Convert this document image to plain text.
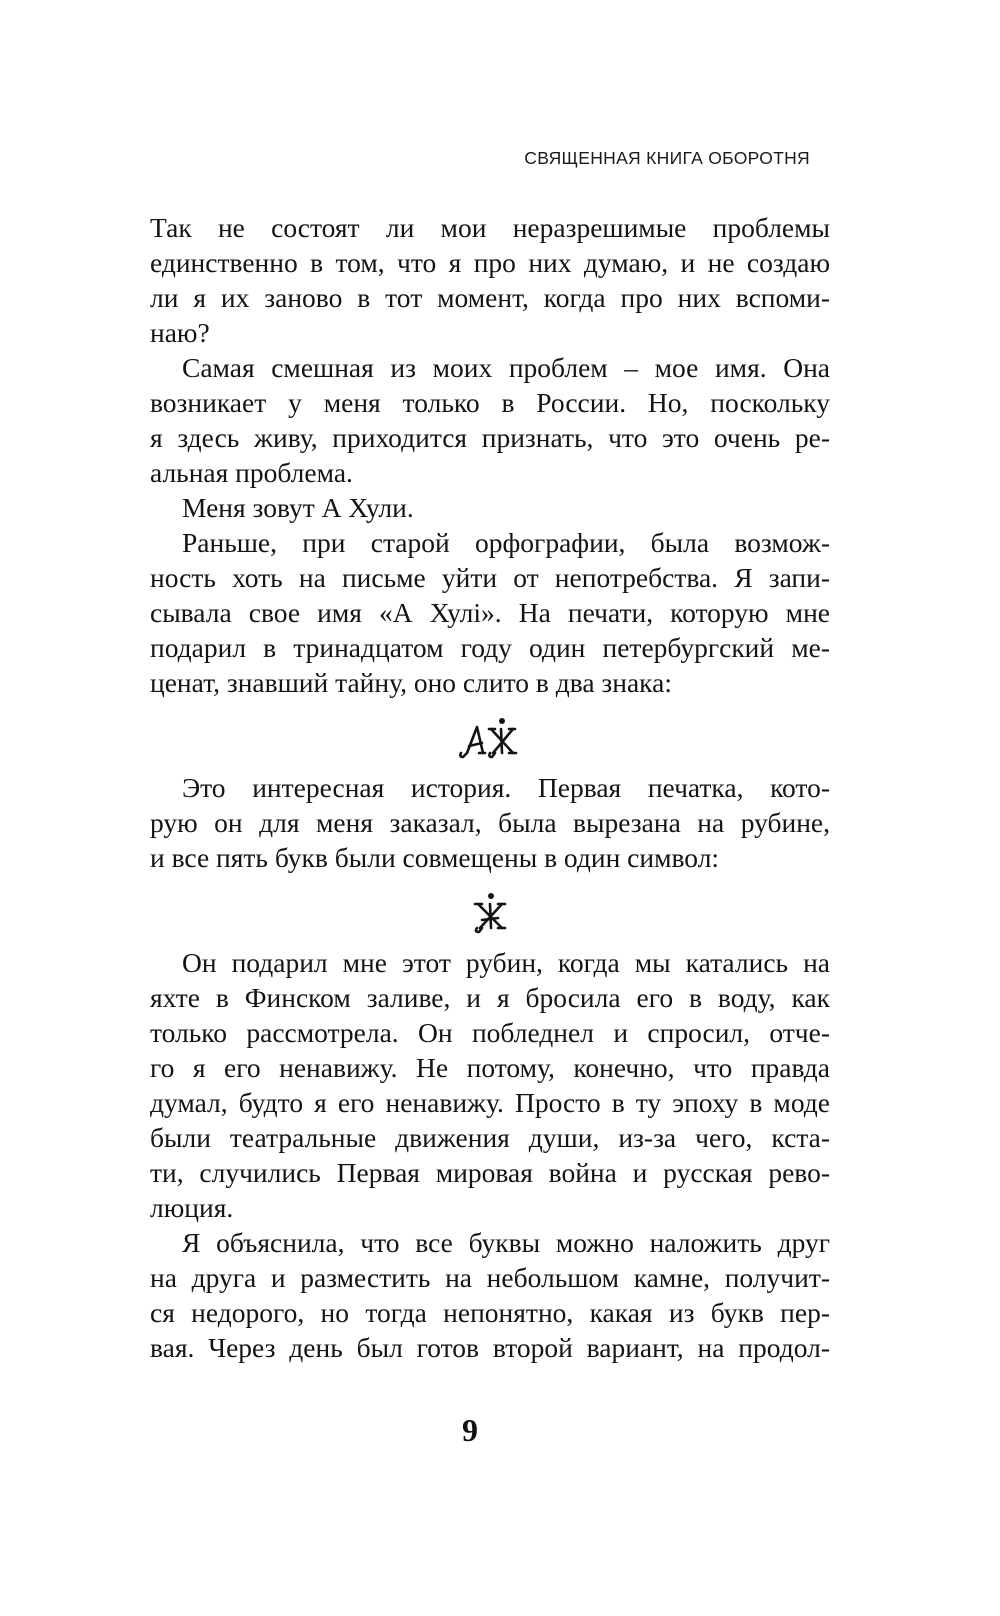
СВЯЩЕННАЯ КНИГА ОБОРОТНЯ
Так не состоят ли мои неразрешимые проблемы
единственно в том, что я про них думаю, и не создаю
ли я их заново в тот момент, когда про них вспоми-
наю?
Самая смешная из моих проблем – мое имя. Она
возникает у меня только в России. Но, поскольку
я здесь живу, приходится признать, что это очень ре-
альная проблема.
Меня зовут А Хули.
Раньше, при старой орфографии, была возмож-
ность хоть на письме уйти от непотребства. Я запи-
сывала свое имя «А Хулi». На печати, которую мне
подарил в тринадцатом году один петербургский ме-
ценат, знавший тайну, оно слито в два знака:
Это интересная история. Первая печатка, кото-
рую он для меня заказал, была вырезана на рубине,
и все пять букв были совмещены в один символ:
Он подарил мне этот рубин, когда мы катались на
яхте в Финском заливе, и я бросила его в воду, как
только рассмотрела. Он побледнел и спросил, отче-
го я его ненавижу. Не потому, конечно, что правда
думал, будто я его ненавижу. Просто в ту эпоху в моде
были театральные движения души, из-за чего, кста-
ти, случились Первая мировая война и русская рево-
люция.
Я объяснила, что все буквы можно наложить друг
на друга и разместить на небольшом камне, получит-
ся недорого, но тогда непонятно, какая из букв пер-
вая. Через день был готов второй вариант, на продол-
9
